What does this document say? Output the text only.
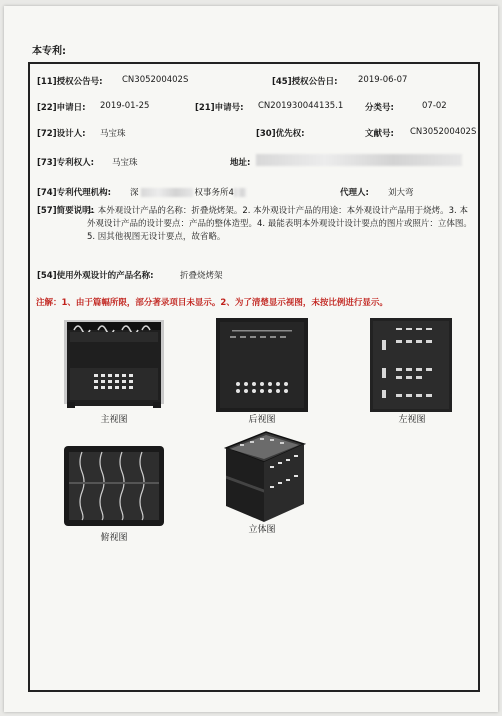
本专利:
[11]授权公告号: CN305200402S	[45]授权公告日: 2019-06-07
[22]申请日: 2019-01-25	[21]申请号: CN201930044135.1	分类号:	07-02
[72]设计人: 马宝珠	[30]优先权:	文献号: CN305200402S
[73]专利权人: 马宝珠	地址:
[74]专利代理机构: 深	权事务所4	代理人: 刘大弯
[57]简要说明:
1. 本外观设计产品的名称：折叠烧烤架。2. 本外观设计产品的用途：本外观设计产品用于烧烤。3. 本外观设计产品的设计要点：产品的整体造型。4. 最能表明本外观设计设计要点的图片或照片：立体图。5. 因其他视图无设计要点，故省略。
[54]使用外观设计的产品名称:	折叠烧烤架
注解：1、由于篇幅所限，部分著录项目未显示。2、为了清楚显示视图，未按比例进行显示。
主视图	后视图	左视图
俯视图
立体图
